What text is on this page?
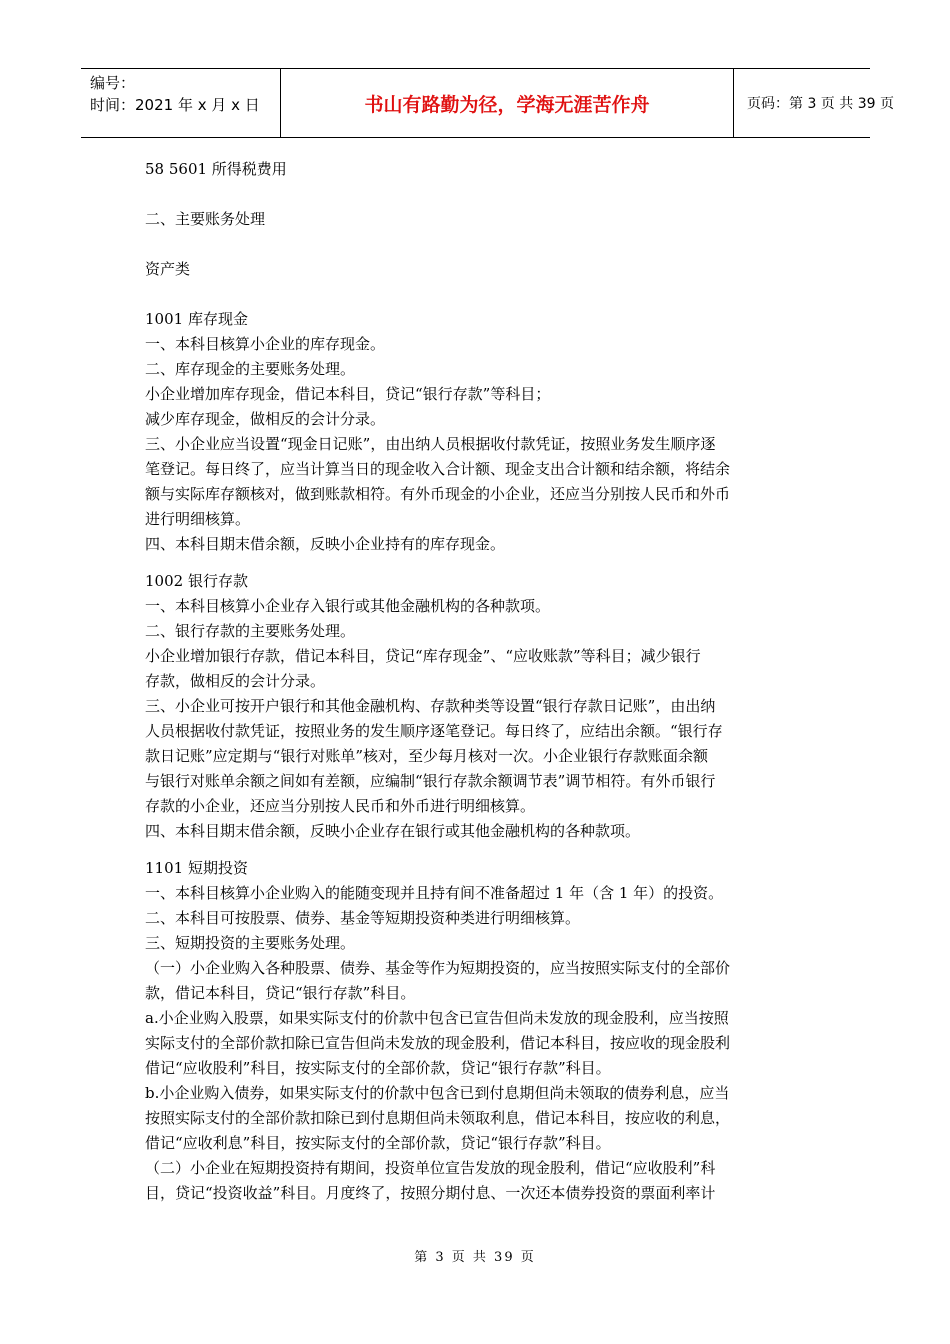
编号：
时间：2021 年 x 月 x 日	书山有路勤为径，学海无涯苦作舟	页码：第 3 页 共 39 页
58 5601 所得税费用
二、主要账务处理
资产类
1001 库存现金
一、本科目核算小企业的库存现金。
二、库存现金的主要账务处理。
小企业增加库存现金，借记本科目，贷记“银行存款”等科目；
减少库存现金，做相反的会计分录。
三、小企业应当设置“现金日记账”，由出纳人员根据收付款凭证，按照业务发生顺序逐
笔登记。每日终了，应当计算当日的现金收入合计额、现金支出合计额和结余额，将结余
额与实际库存额核对，做到账款相符。有外币现金的小企业，还应当分别按人民币和外币
进行明细核算。
四、本科目期末借余额，反映小企业持有的库存现金。
1002 银行存款
一、本科目核算小企业存入银行或其他金融机构的各种款项。
二、银行存款的主要账务处理。
小企业增加银行存款，借记本科目，贷记“库存现金”、“应收账款”等科目；减少银行
存款，做相反的会计分录。
三、小企业可按开户银行和其他金融机构、存款种类等设置“银行存款日记账”，由出纳
人员根据收付款凭证，按照业务的发生顺序逐笔登记。每日终了，应结出余额。“银行存
款日记账”应定期与“银行对账单”核对，至少每月核对一次。小企业银行存款账面余额
与银行对账单余额之间如有差额，应编制“银行存款余额调节表”调节相符。有外币银行
存款的小企业，还应当分别按人民币和外币进行明细核算。
四、本科目期末借余额，反映小企业存在银行或其他金融机构的各种款项。
1101 短期投资
一、本科目核算小企业购入的能随变现并且持有间不准备超过 1 年（含 1 年）的投资。
二、本科目可按股票、债券、基金等短期投资种类进行明细核算。
三、短期投资的主要账务处理。
（一）小企业购入各种股票、债券、基金等作为短期投资的，应当按照实际支付的全部价
款，借记本科目，贷记“银行存款”科目。
a.小企业购入股票，如果实际支付的价款中包含已宣告但尚未发放的现金股利，应当按照
实际支付的全部价款扣除已宣告但尚未发放的现金股利，借记本科目，按应收的现金股利
借记“应收股利”科目，按实际支付的全部价款，贷记“银行存款”科目。
b.小企业购入债券，如果实际支付的价款中包含已到付息期但尚未领取的债券利息，应当
按照实际支付的全部价款扣除已到付息期但尚未领取利息，借记本科目，按应收的利息，
借记“应收利息”科目，按实际支付的全部价款，贷记“银行存款”科目。
（二）小企业在短期投资持有期间，投资单位宣告发放的现金股利，借记“应收股利”科
目，贷记“投资收益”科目。月度终了，按照分期付息、一次还本债券投资的票面利率计
第 3 页 共 39 页
